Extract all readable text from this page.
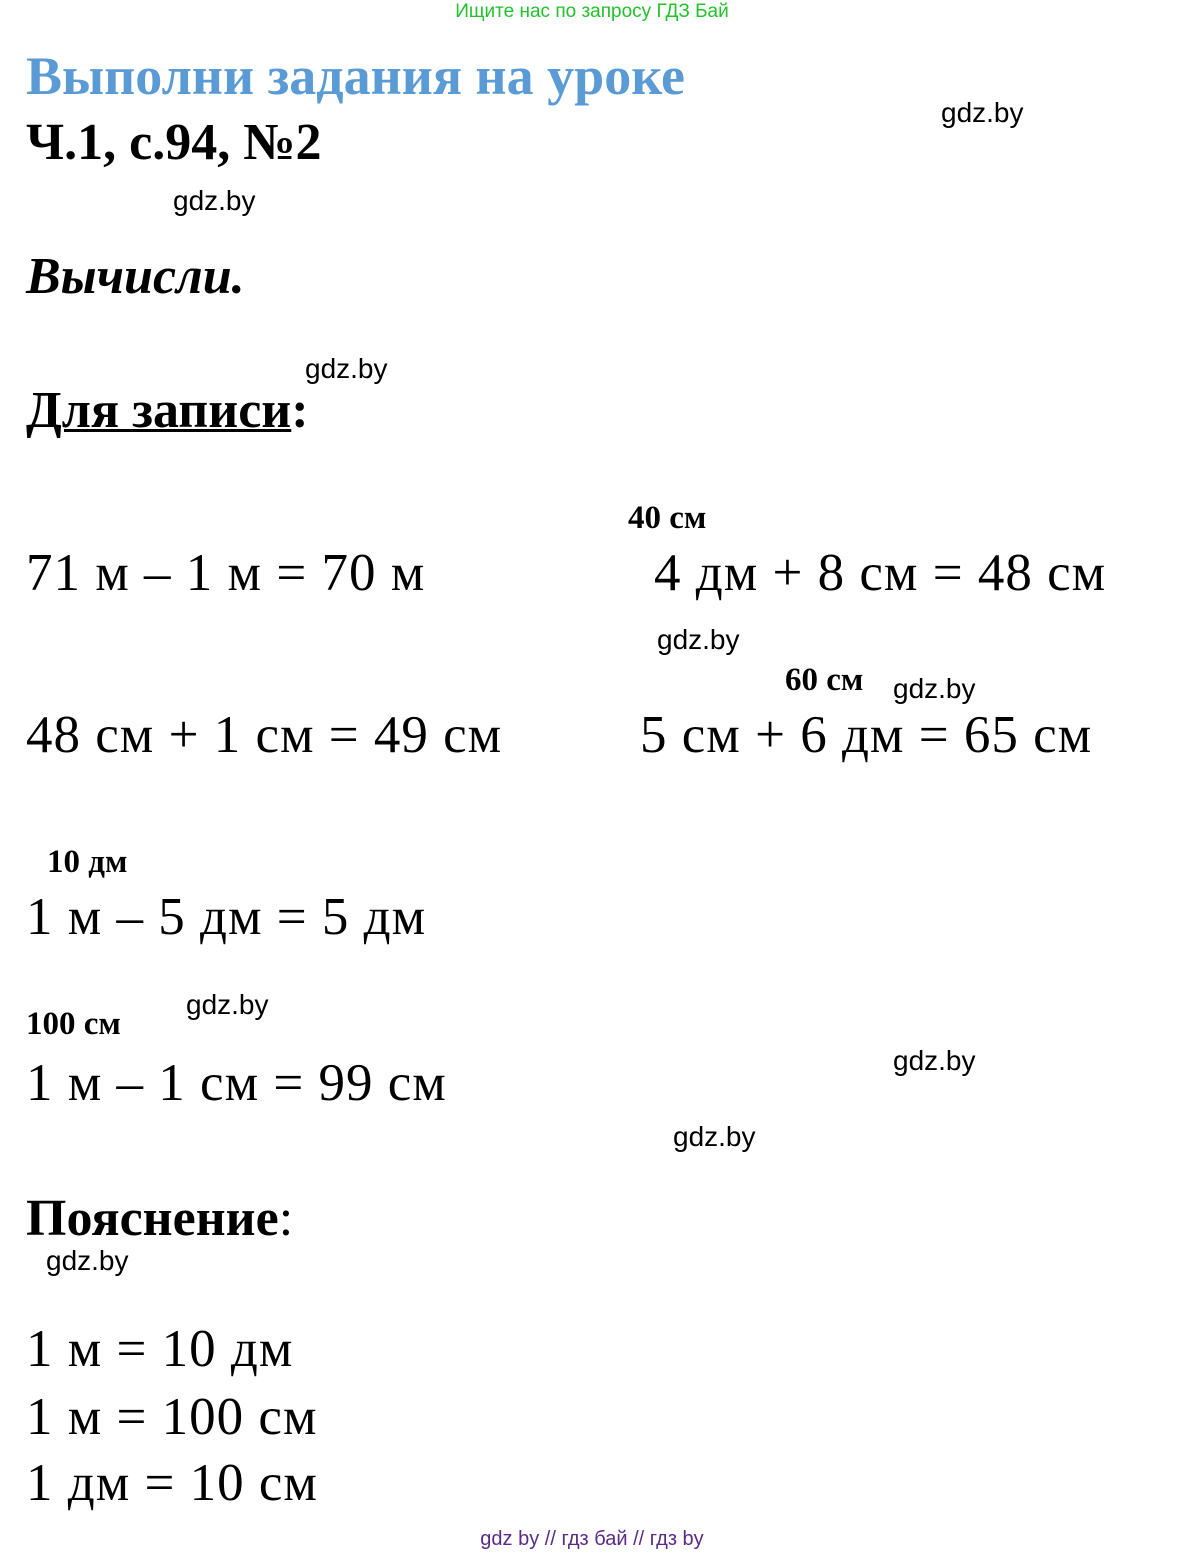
Ищите нас по запросу ГДЗ Бай
Выполни задания на уроке
Ч.1, с.94, №2
gdz.by
gdz.by
Вычисли.
gdz.by
Для записи:
40 см
71 м – 1 м = 70 м	4 дм + 8 см = 48 см
gdz.by
60 см gdz.by
48 см + 1 см = 49 см	5 см + 6 дм = 65 см
10 дм
1 м – 5 дм = 5 дм
gdz.by
100 см
gdz.by
1 м – 1 см = 99 см
gdz.by
Пояснение:
gdz.by
1 м = 10 дм
1 м = 100 см
1 дм = 10 см
gdz by // гдз бай // гдз by
